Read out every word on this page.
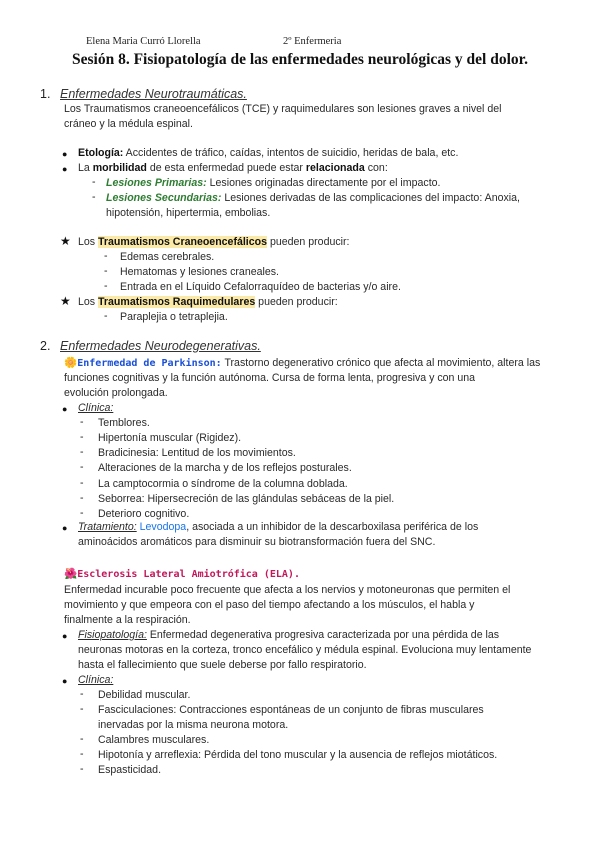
Elena Maria Curró Llorella	2º Enfermeria
Sesión 8. Fisiopatología de las enfermedades neurológicas y del dolor.
1. Enfermedades Neurotraumáticas.
Los Traumatismos craneoencefálicos (TCE) y raquimedulares son lesiones graves a nivel del
cráneo y la médula espinal.
● Etología: Accidentes de tráfico, caídas, intentos de suicidio, heridas de bala, etc.
● La morbilidad de esta enfermedad puede estar relacionada con:
- Lesiones Primarias: Lesiones originadas directamente por el impacto.
- Lesiones Secundarias: Lesiones derivadas de las complicaciones del impacto: Anoxia,
hipotensión, hipertermia, embolias.
★ Los Traumatismos Craneoencefálicos pueden producir:
- Edemas cerebrales.
- Hematomas y lesiones craneales.
- Entrada en el Líquido Cefalorraquídeo de bacterias y/o aire.
★ Los Traumatismos Raquimedulares pueden producir:
- Paraplejia o tetraplejia.
2. Enfermedades Neurodegenerativas.
🌼Enfermedad de Parkinson: Trastorno degenerativo crónico que afecta al movimiento, altera las
funciones cognitivas y la función autónoma. Cursa de forma lenta, progresiva y con una
evolución prolongada.
● Clínica:
- Temblores.
- Hipertonía muscular (Rigidez).
- Bradicinesia: Lentitud de los movimientos.
- Alteraciones de la marcha y de los reflejos posturales.
- La camptocormia o síndrome de la columna doblada.
- Seborrea: Hipersecreción de las glándulas sebáceas de la piel.
- Deterioro cognitivo.
● Tratamiento: Levodopa, asociada a un inhibidor de la descarboxilasa periférica de los
aminoácidos aromáticos para disminuir su biotransformación fuera del SNC.
🌺Esclerosis Lateral Amiotrófica (ELA).
Enfermedad incurable poco frecuente que afecta a los nervios y motoneuronas que permiten el
movimiento y que empeora con el paso del tiempo afectando a los músculos, el habla y
finalmente a la respiración.
● Fisiopatología: Enfermedad degenerativa progresiva caracterizada por una pérdida de las
neuronas motoras en la corteza, tronco encefálico y médula espinal. Evoluciona muy lentamente
hasta el fallecimiento que suele deberse por fallo respiratorio.
● Clínica:
- Debilidad muscular.
- Fasciculaciones: Contracciones espontáneas de un conjunto de fibras musculares
inervadas por la misma neurona motora.
- Calambres musculares.
- Hipotonía y arreflexia: Pérdida del tono muscular y la ausencia de reflejos miotáticos.
- Espasticidad.
